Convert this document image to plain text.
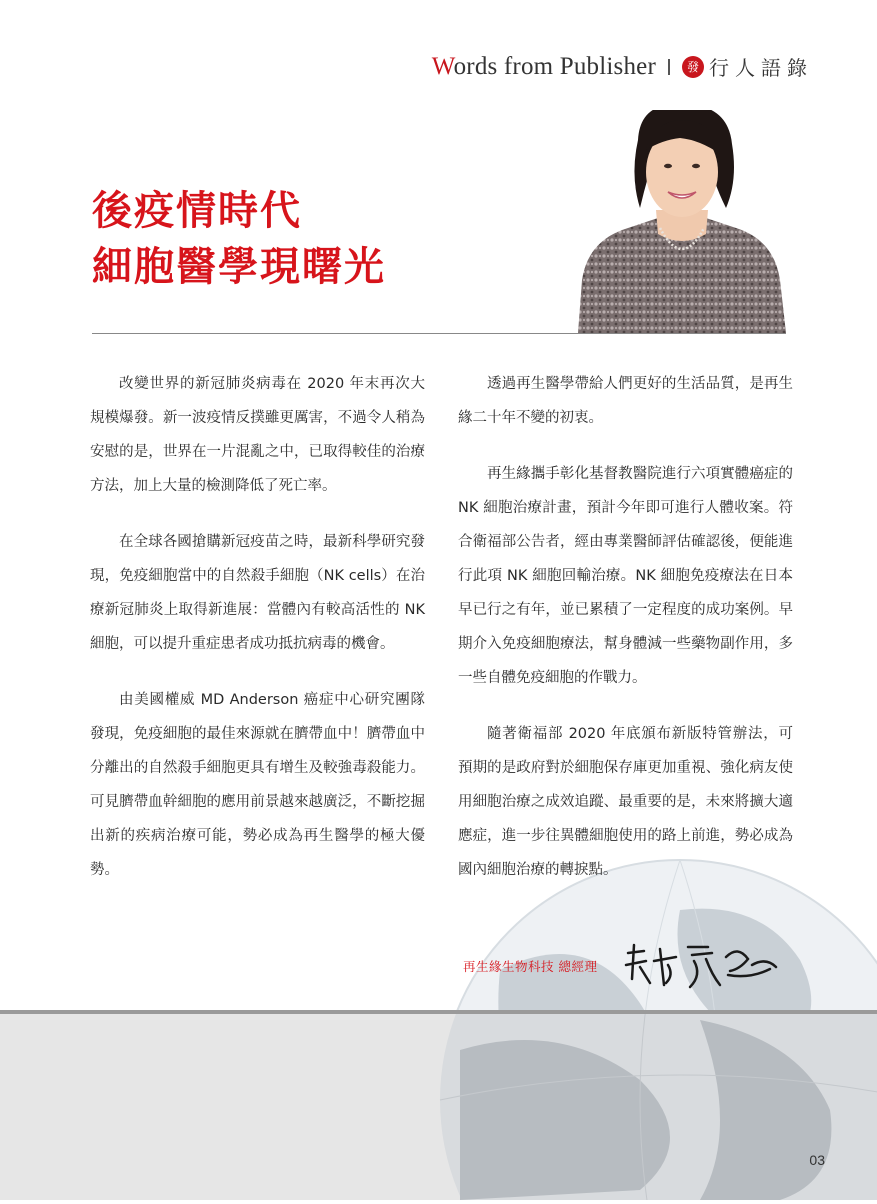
Words from Publisher	發 行人語錄
後疫情時代
細胞醫學現曙光

改變世界的新冠肺炎病毒在 2020 年末再次大規模爆發。新一波疫情反撲雖更厲害，不過令人稍為安慰的是，世界在一片混亂之中，已取得較佳的治療方法，加上大量的檢測降低了死亡率。

在全球各國搶購新冠疫苗之時，最新科學研究發現，免疫細胞當中的自然殺手細胞（NK cells）在治療新冠肺炎上取得新進展：當體內有較高活性的 NK 細胞，可以提升重症患者成功抵抗病毒的機會。

由美國權威 MD Anderson 癌症中心研究團隊發現，免疫細胞的最佳來源就在臍帶血中！臍帶血中分離出的自然殺手細胞更具有增生及較強毒殺能力。可見臍帶血幹細胞的應用前景越來越廣泛，不斷挖掘出新的疾病治療可能，勢必成為再生醫學的極大優勢。

透過再生醫學帶給人們更好的生活品質，是再生緣二十年不變的初衷。

再生緣攜手彰化基督教醫院進行六項實體癌症的 NK 細胞治療計畫，預計今年即可進行人體收案。符合衛福部公告者，經由專業醫師評估確認後，便能進行此項 NK 細胞回輸治療。NK 細胞免疫療法在日本早已行之有年，並已累積了一定程度的成功案例。早期介入免疫細胞療法，幫身體減一些藥物副作用，多一些自體免疫細胞的作戰力。

隨著衛福部 2020 年底頒布新版特管辦法，可預期的是政府對於細胞保存庫更加重視、強化病友使用細胞治療之成效追蹤、最重要的是，未來將擴大適應症，進一步往異體細胞使用的路上前進，勢必成為國內細胞治療的轉捩點。

再生緣生物科技 總經理
03
